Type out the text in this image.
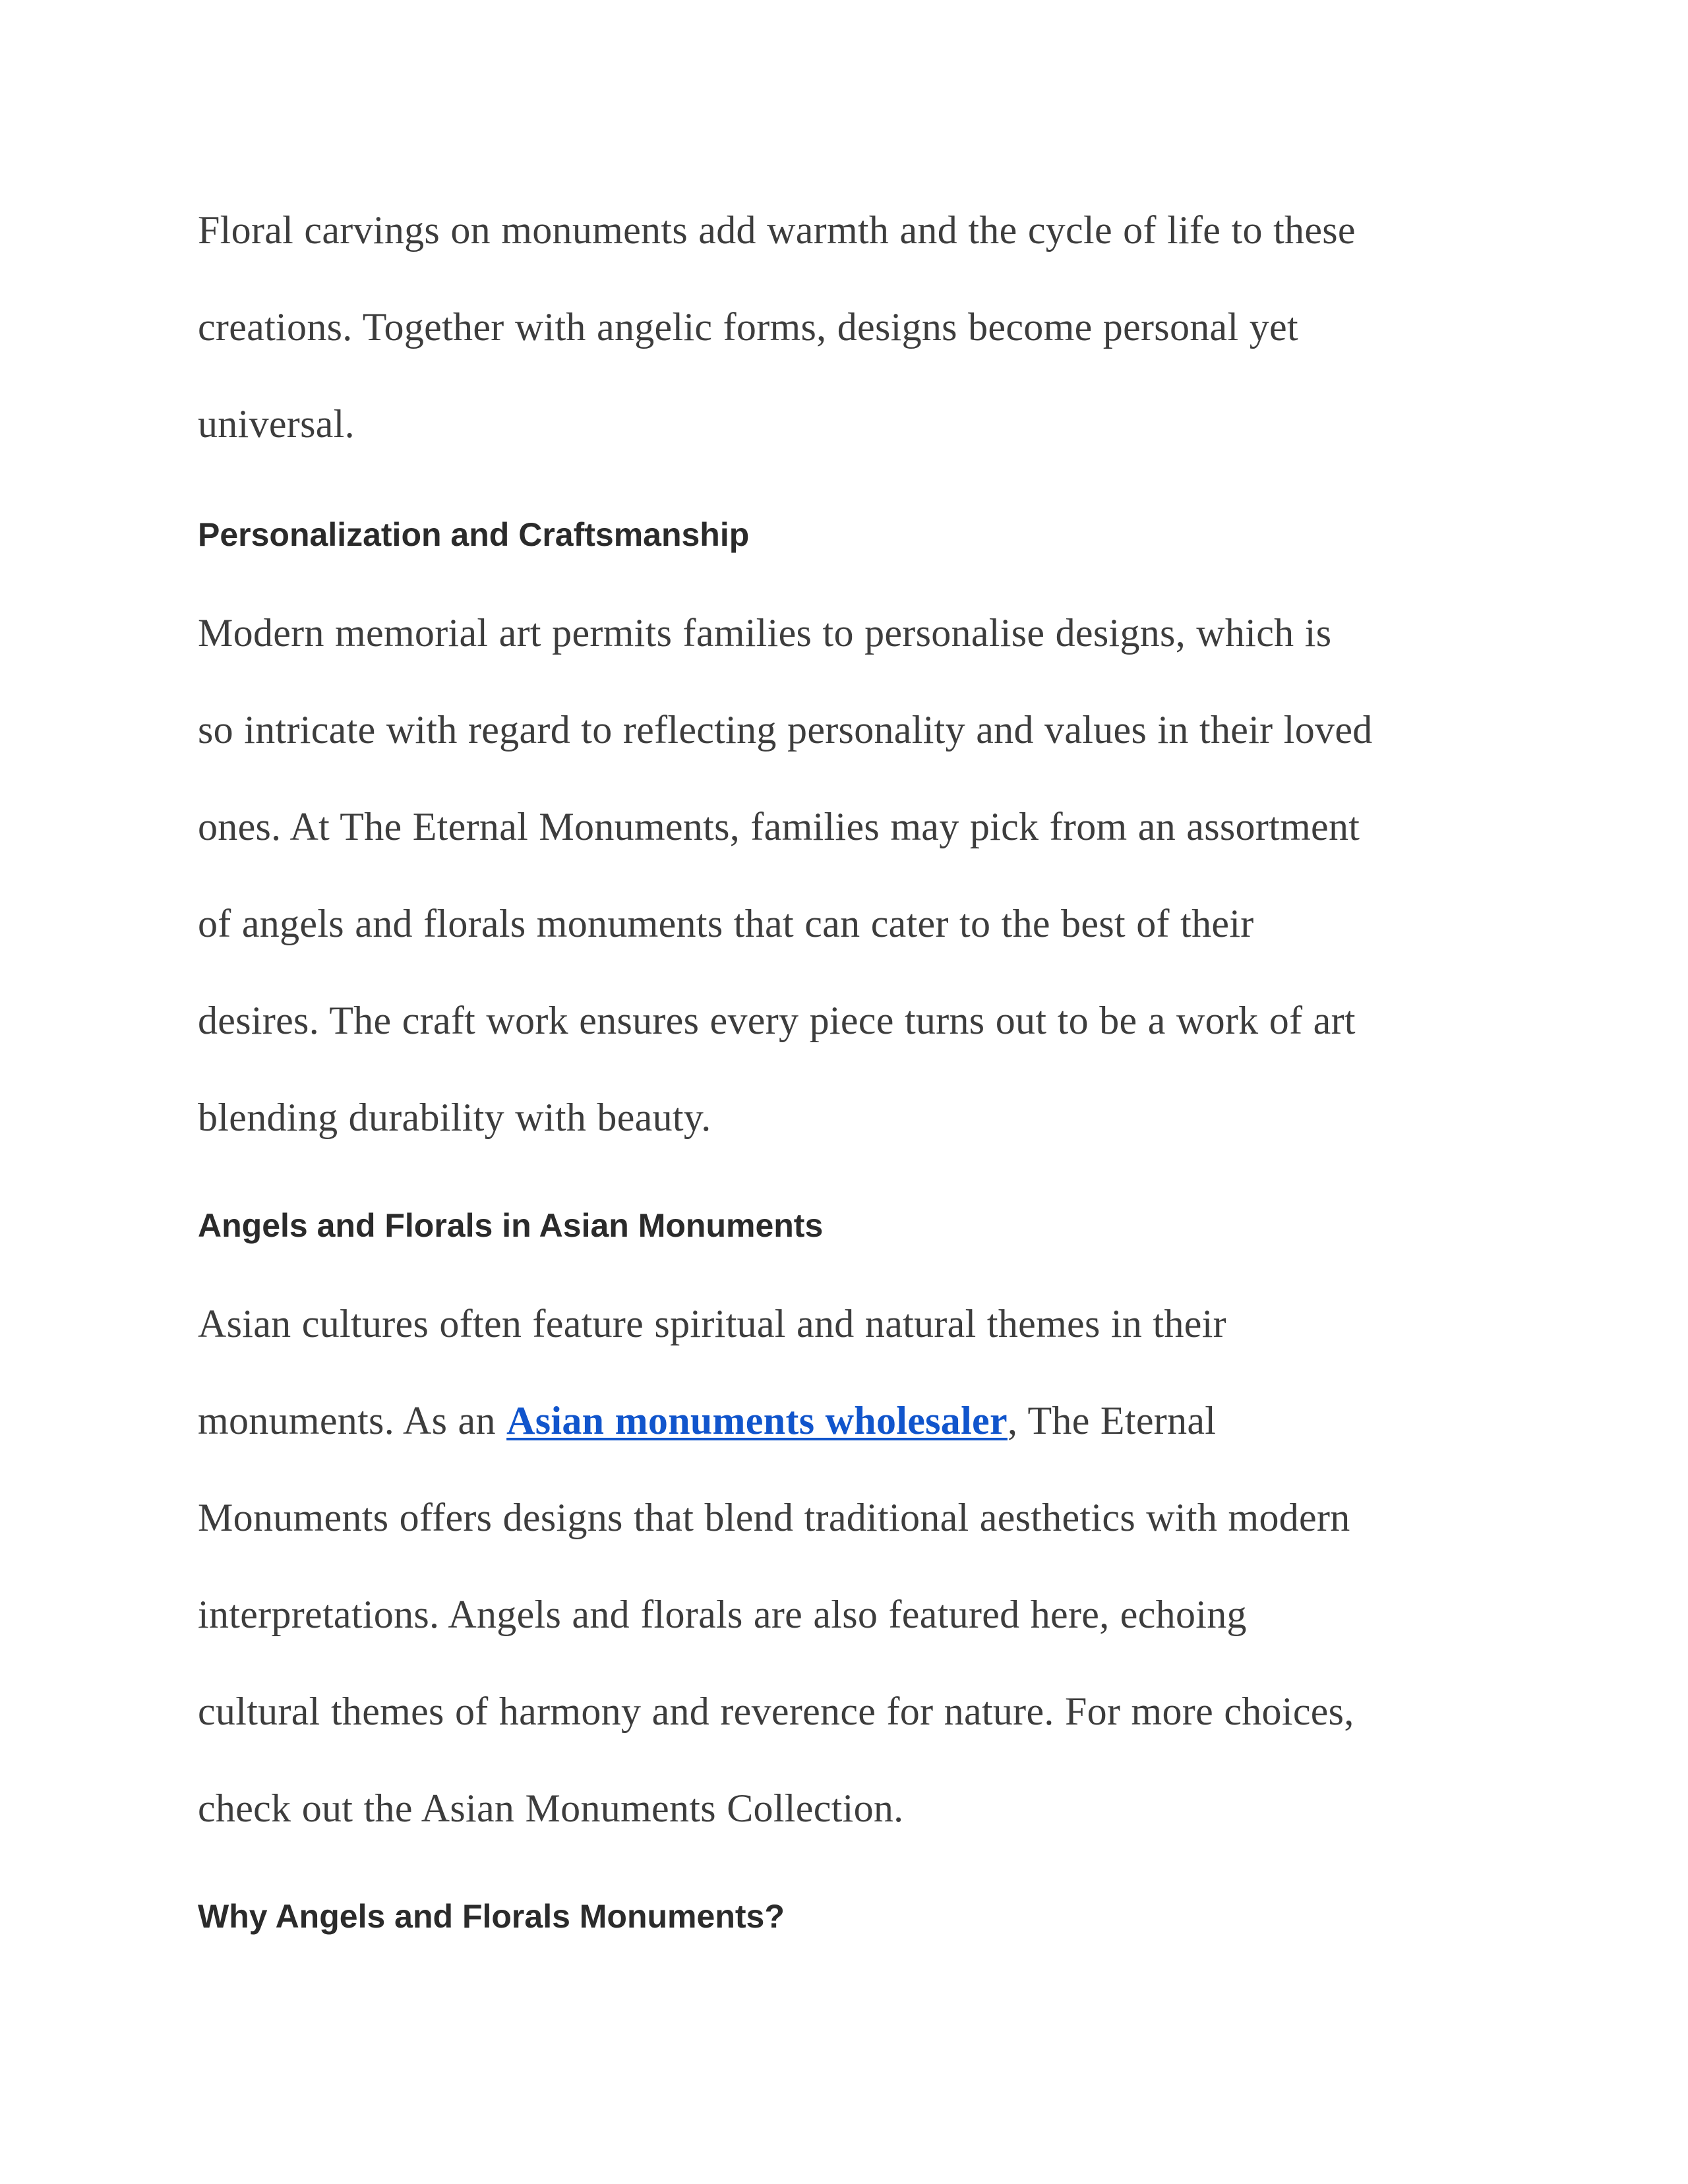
Floral carvings on monuments add warmth and the cycle of life to these
creations. Together with angelic forms, designs become personal yet
universal.

Personalization and Craftsmanship

Modern memorial art permits families to personalise designs, which is
so intricate with regard to reflecting personality and values in their loved
ones. At The Eternal Monuments, families may pick from an assortment
of angels and florals monuments that can cater to the best of their
desires. The craft work ensures every piece turns out to be a work of art
blending durability with beauty.

Angels and Florals in Asian Monuments

Asian cultures often feature spiritual and natural themes in their
monuments. As an Asian monuments wholesaler, The Eternal
Monuments offers designs that blend traditional aesthetics with modern
interpretations. Angels and florals are also featured here, echoing
cultural themes of harmony and reverence for nature. For more choices,
check out the Asian Monuments Collection.

Why Angels and Florals Monuments?
